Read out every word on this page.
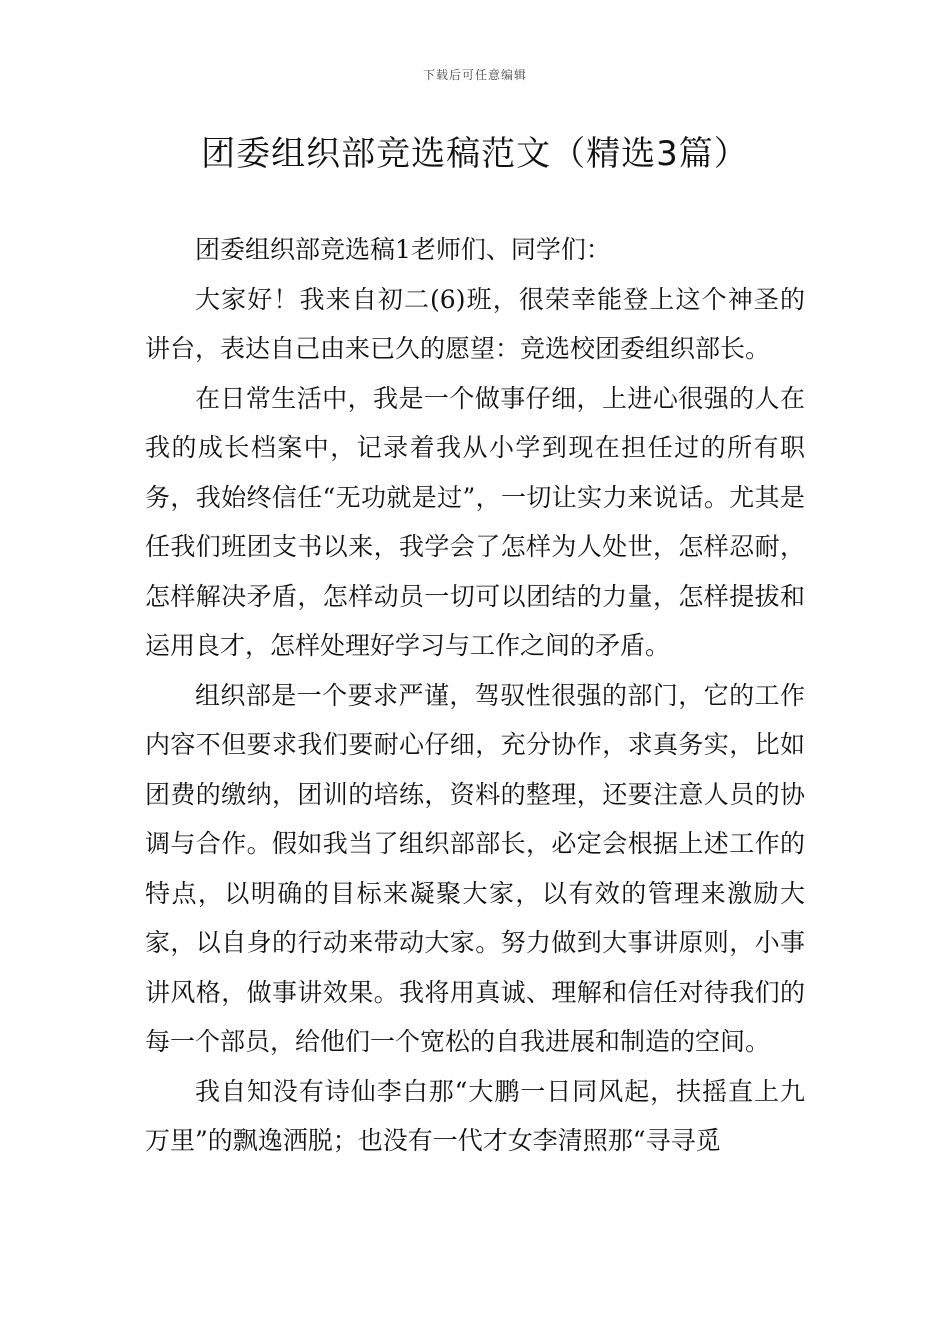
下载后可任意编辑
团委组织部竞选稿范文（精选3篇）

团委组织部竞选稿1老师们、同学们：

大家好！我来自初二(6)班，很荣幸能登上这个神圣的讲台，表达自己由来已久的愿望：竞选校团委组织部长。

在日常生活中，我是一个做事仔细，上进心很强的人在我的成长档案中，记录着我从小学到现在担任过的所有职务，我始终信任“无功就是过”，一切让实力来说话。尤其是任我们班团支书以来，我学会了怎样为人处世，怎样忍耐，怎样解决矛盾，怎样动员一切可以团结的力量，怎样提拔和运用良才，怎样处理好学习与工作之间的矛盾。

组织部是一个要求严谨，驾驭性很强的部门，它的工作内容不但要求我们要耐心仔细，充分协作，求真务实，比如团费的缴纳，团训的培练，资料的整理，还要注意人员的协调与合作。假如我当了组织部部长，必定会根据上述工作的特点，以明确的目标来凝聚大家，以有效的管理来激励大家，以自身的行动来带动大家。努力做到大事讲原则，小事讲风格，做事讲效果。我将用真诚、理解和信任对待我们的每一个部员，给他们一个宽松的自我进展和制造的空间。

我自知没有诗仙李白那“大鹏一日同风起，扶摇直上九万里”的飘逸洒脱；也没有一代才女李清照那“寻寻觅
